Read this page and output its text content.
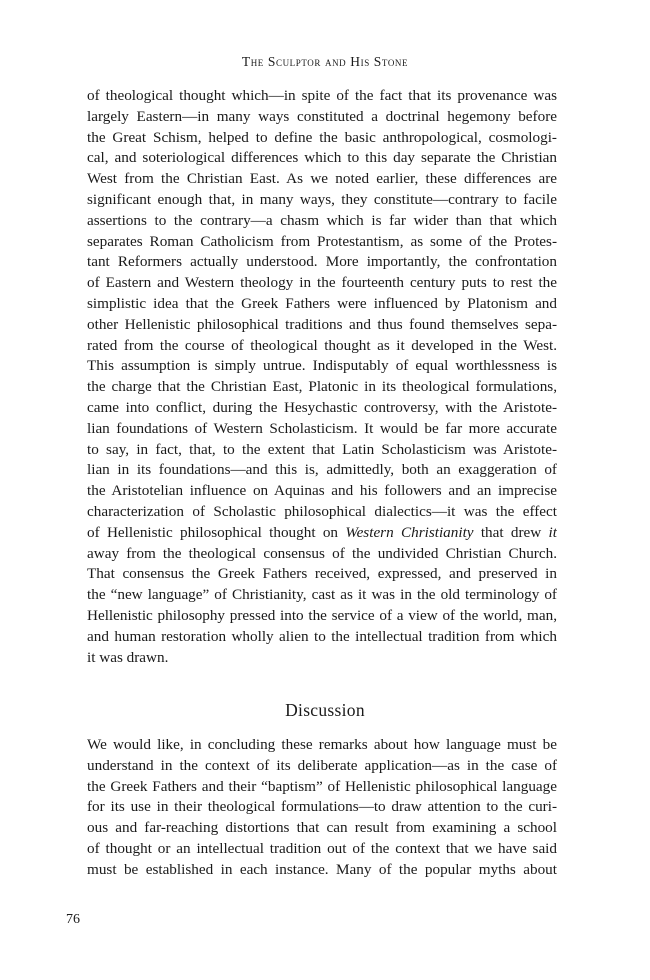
The Sculptor and His Stone
of theological thought which—in spite of the fact that its provenance was
largely Eastern—in many ways constituted a doctrinal hegemony before
the Great Schism, helped to define the basic anthropological, cosmologi-
cal, and soteriological differences which to this day separate the Christian
West from the Christian East. As we noted earlier, these differences are
significant enough that, in many ways, they constitute—contrary to facile
assertions to the contrary—a chasm which is far wider than that which
separates Roman Catholicism from Protestantism, as some of the Protes-
tant Reformers actually understood. More importantly, the confrontation
of Eastern and Western theology in the fourteenth century puts to rest the
simplistic idea that the Greek Fathers were influenced by Platonism and
other Hellenistic philosophical traditions and thus found themselves sepa-
rated from the course of theological thought as it developed in the West.
This assumption is simply untrue. Indisputably of equal worthlessness is
the charge that the Christian East, Platonic in its theological formulations,
came into conflict, during the Hesychastic controversy, with the Aristote-
lian foundations of Western Scholasticism. It would be far more accurate
to say, in fact, that, to the extent that Latin Scholasticism was Aristote-
lian in its foundations—and this is, admittedly, both an exaggeration of
the Aristotelian influence on Aquinas and his followers and an imprecise
characterization of Scholastic philosophical dialectics—it was the effect
of Hellenistic philosophical thought on Western Christianity that drew it
away from the theological consensus of the undivided Christian Church.
That consensus the Greek Fathers received, expressed, and preserved in
the “new language” of Christianity, cast as it was in the old terminology of
Hellenistic philosophy pressed into the service of a view of the world, man,
and human restoration wholly alien to the intellectual tradition from which
it was drawn.
Discussion
We would like, in concluding these remarks about how language must be
understand in the context of its deliberate application—as in the case of
the Greek Fathers and their “baptism” of Hellenistic philosophical language
for its use in their theological formulations—to draw attention to the curi-
ous and far-reaching distortions that can result from examining a school
of thought or an intellectual tradition out of the context that we have said
must be established in each instance. Many of the popular myths about
76
